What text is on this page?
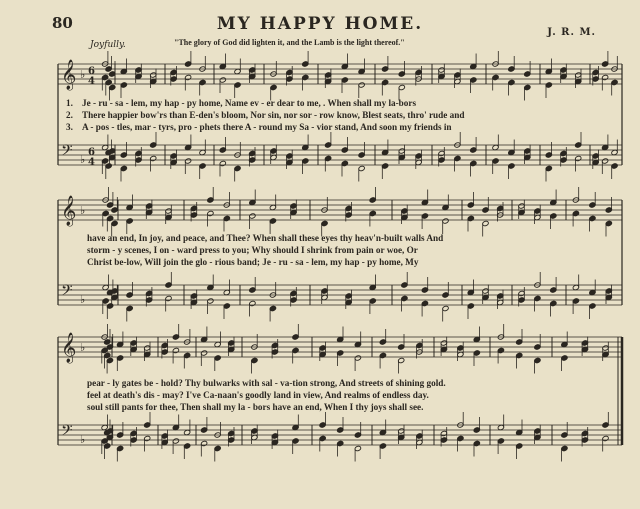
80	MY HAPPY HOME.	J. R. M.
Joyfully.	"The glory of God did lighten it, and the Lamb is the light thereof."
𝄞 ♭ 6
4
𝄢 ♭
6
4
𝄞 ♭
𝄢 ♭
𝄞 ♭
𝄢 ♭
1. Je - ru - sa - lem, my hap - py home, Name ev - er dear to me, . When shall my la-bors
2. There happier bow'rs than E-den's bloom, Nor sin, nor sor - row know, Blest seats, thro' rude and
3. A - pos - tles, mar - tyrs, pro - phets there A - round my Sa - vior stand, And soon my friends in
have an end, In joy, and peace, and Thee? When shall these eyes thy heav'n-built walls And
storm - y scenes, I on - ward press to you; Why should I shrink from pain or woe, Or
Christ be-low, Will join the glo - rious band; Je - ru - sa - lem, my hap - py home, My
pear - ly gates be - hold? Thy bulwarks with sal - va-tion strong, And streets of shining gold.
feel at death's dis - may? I've Ca-naan's goodly land in view, And realms of endless day.
soul still pants for thee, Then shall my la - bors have an end, When I thy joys shall see.
